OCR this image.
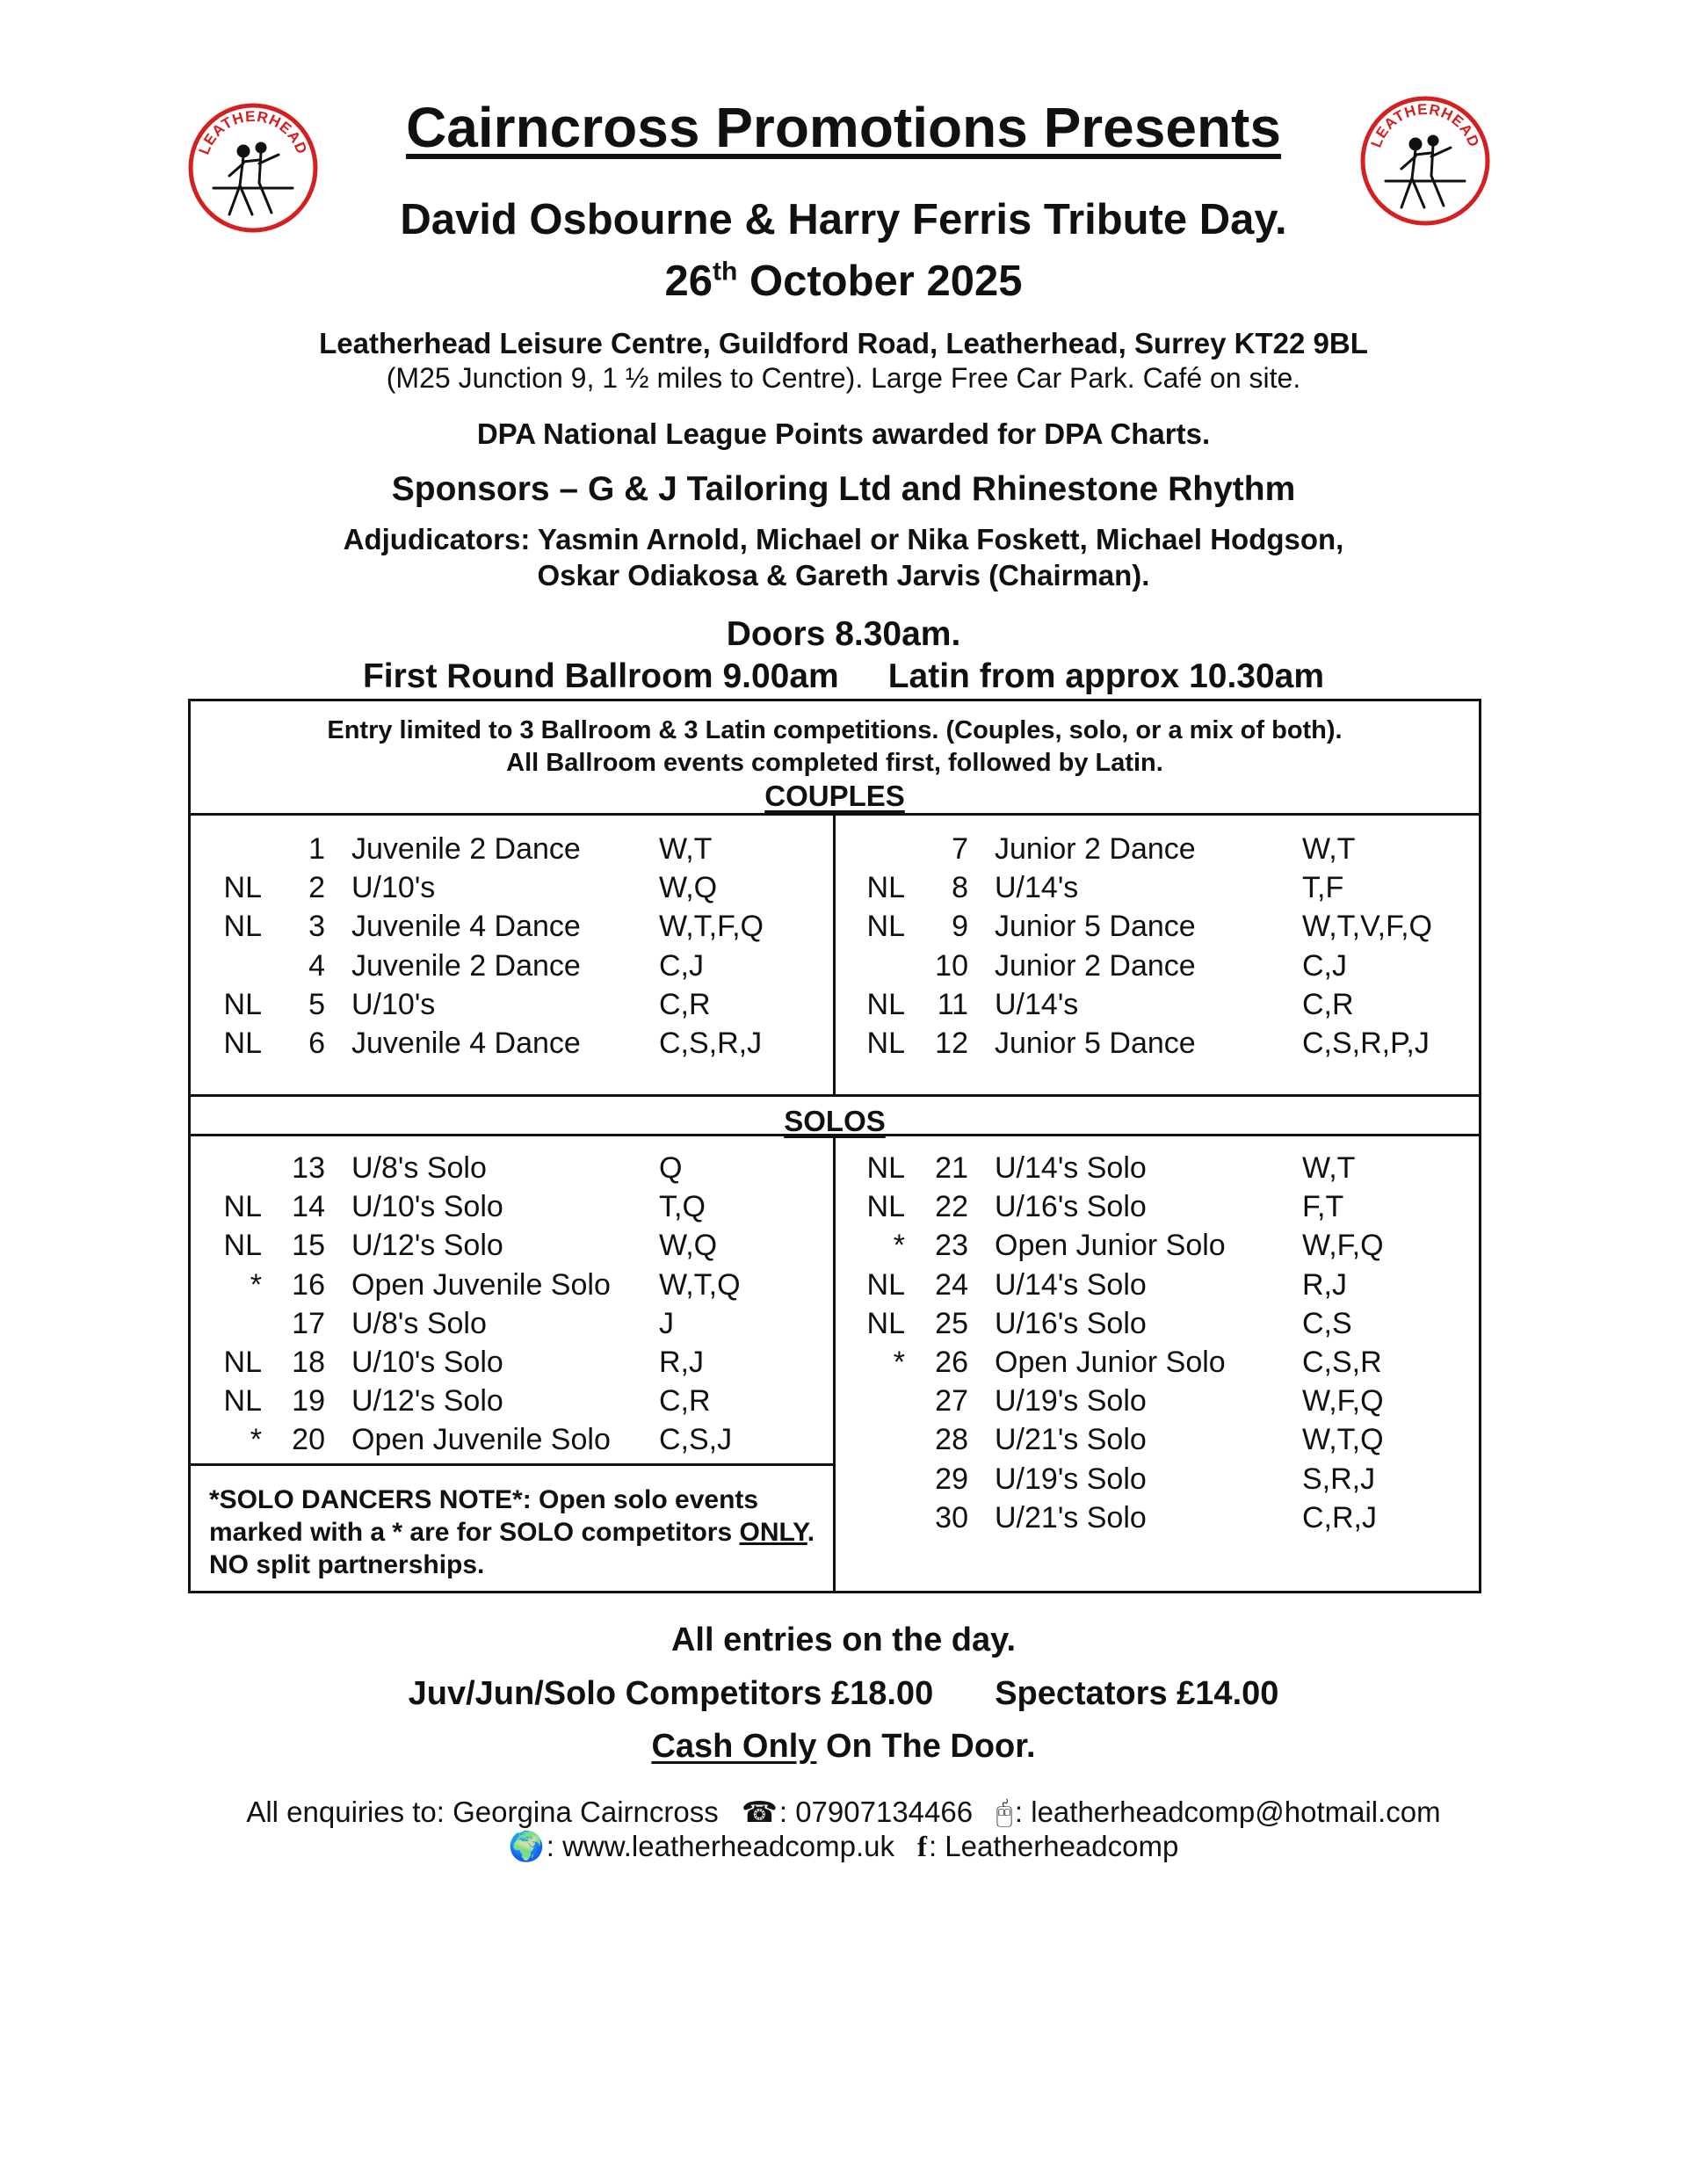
LEATHERHEAD	LEATHERHEAD
Cairncross Promotions Presents
David Osbourne & Harry Ferris Tribute Day.
26th October 2025
Leatherhead Leisure Centre, Guildford Road, Leatherhead, Surrey KT22 9BL
(M25 Junction 9, 1 ½ miles to Centre). Large Free Car Park. Café on site.
DPA National League Points awarded for DPA Charts.
Sponsors – G & J Tailoring Ltd and Rhinestone Rhythm
Adjudicators: Yasmin Arnold, Michael or Nika Foskett, Michael Hodgson,
Oskar Odiakosa & Gareth Jarvis (Chairman).
Doors 8.30am.
First Round Ballroom 9.00am Latin from approx 10.30am
Entry limited to 3 Ballroom & 3 Latin competitions. (Couples, solo, or a mix of both).
All Ballroom events completed first, followed by Latin.
COUPLES
SOLOS
1 Juvenile 2 Dance	W,T
NL	2 U/10's	W,Q
NL	3 Juvenile 4 Dance	W,T,F,Q
4 Juvenile 2 Dance	C,J
NL	5 U/10's	C,R
NL	6 Juvenile 4 Dance	C,S,R,J
7 Junior 2 Dance	W,T
NL	8 U/14's	T,F
NL	9 Junior 5 Dance	W,T,V,F,Q
10 Junior 2 Dance	C,J
NL	11 U/14's	C,R
NL	12 Junior 5 Dance	C,S,R,P,J
13 U/8's Solo	Q
NL	14 U/10's Solo	T,Q
NL	15 U/12's Solo	W,Q
*	16 Open Juvenile Solo W,T,Q
17 U/8's Solo	J
NL	18 U/10's Solo	R,J
NL	19 U/12's Solo	C,R
*	20 Open Juvenile Solo C,S,J
NL	21 U/14's Solo	W,T
NL	22 U/16's Solo	F,T
*	23 Open Junior Solo	W,F,Q
NL	24 U/14's Solo	R,J
NL	25 U/16's Solo	C,S
*	26 Open Junior Solo	C,S,R
27 U/19's Solo	W,F,Q
28 U/21's Solo	W,T,Q
29 U/19's Solo	S,R,J
30 U/21's Solo	C,R,J
*SOLO DANCERS NOTE*: Open solo events marked with a * are for SOLO competitors ONLY. NO split partnerships.
All entries on the day.
Juv/Jun/Solo Competitors £18.00 Spectators £14.00
Cash Only On The Door.
All enquiries to: Georgina Cairncross ☎: 07907134466 🖰: leatherheadcomp@hotmail.com
🌍: www.leatherheadcomp.uk f: Leatherheadcomp
